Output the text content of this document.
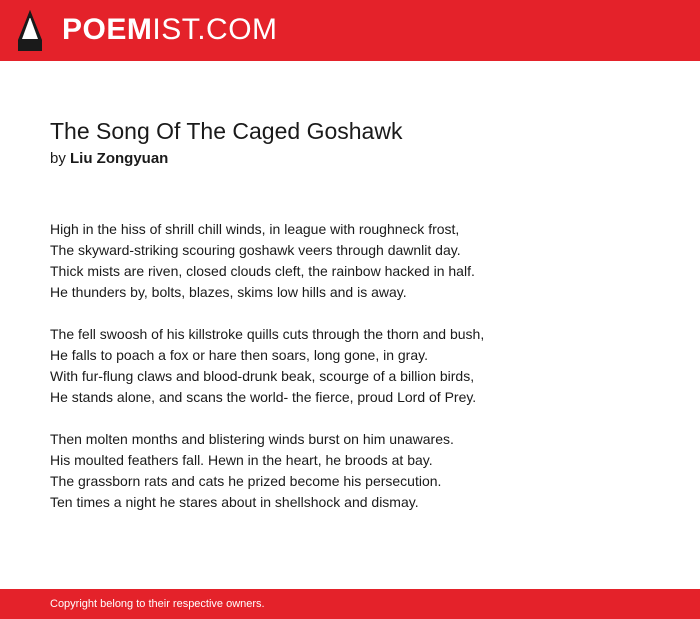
POEMIST.COM
The Song Of The Caged Goshawk
by Liu Zongyuan
High in the hiss of shrill chill winds, in league with roughneck frost,
The skyward-striking scouring goshawk veers through dawnlit day.
Thick mists are riven, closed clouds cleft, the rainbow hacked in half.
He thunders by, bolts, blazes, skims low hills and is away.
The fell swoosh of his killstroke quills cuts through the thorn and bush,
He falls to poach a fox or hare then soars, long gone, in gray.
With fur-flung claws and blood-drunk beak, scourge of a billion birds,
He stands alone, and scans the world- the fierce, proud Lord of Prey.
Then molten months and blistering winds burst on him unawares.
His moulted feathers fall. Hewn in the heart, he broods at bay.
The grassborn rats and cats he prized become his persecution.
Ten times a night he stares about in shellshock and dismay.
Copyright belong to their respective owners.
